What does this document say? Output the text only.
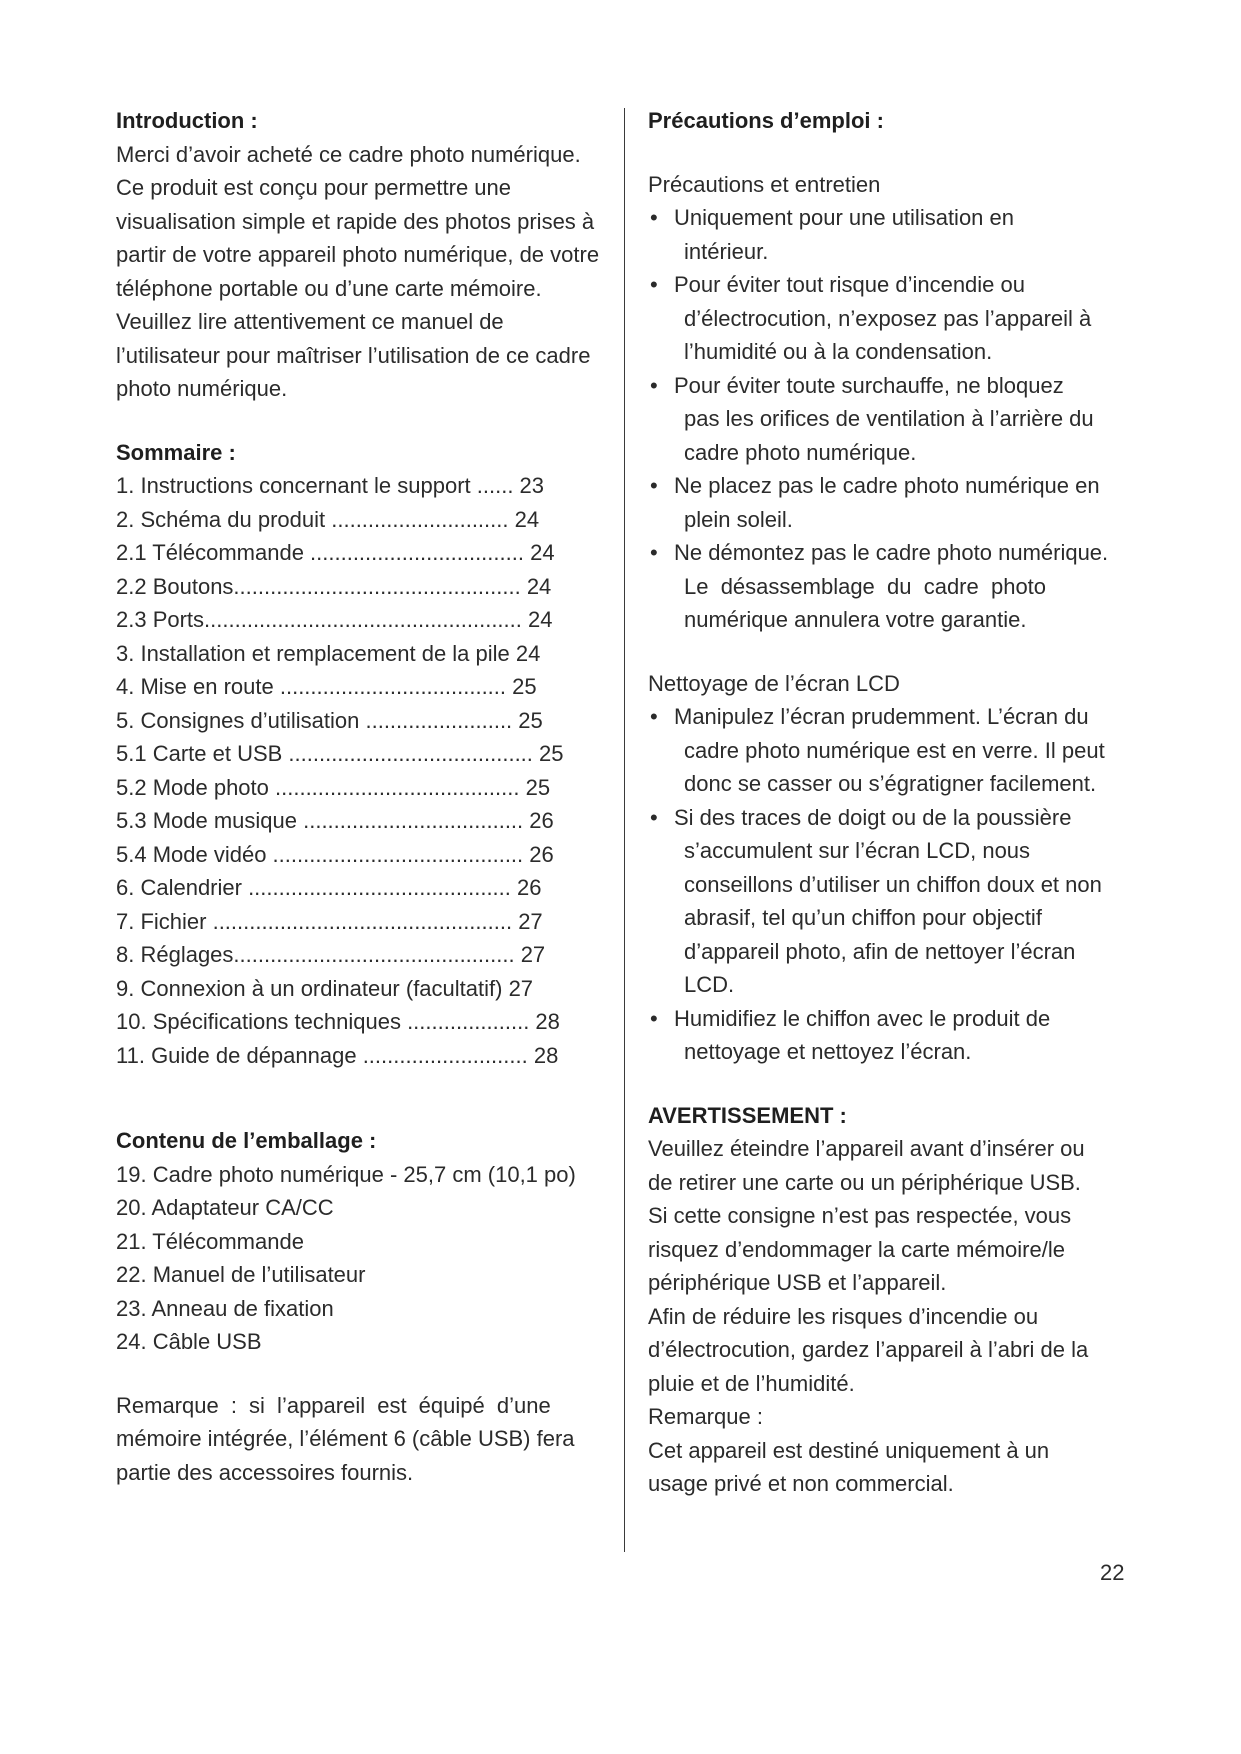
Introduction :

Merci d’avoir acheté ce cadre photo numérique.

Ce produit est conçu pour permettre une

visualisation simple et rapide des photos prises à

partir de votre appareil photo numérique, de votre

téléphone portable ou d’une carte mémoire.

Veuillez lire attentivement ce manuel de

l’utilisateur pour maîtriser l’utilisation de ce cadre

photo numérique.

Sommaire :

1. Instructions concernant le support ...... 23
2. Schéma du produit ............................. 24
2.1 Télécommande ................................... 24
2.2 Boutons............................................... 24
2.3 Ports.................................................... 24
3. Installation et remplacement de la pile 24
4. Mise en route ..................................... 25
5. Consignes d’utilisation ........................ 25
5.1 Carte et USB ........................................ 25
5.2 Mode photo ........................................ 25
5.3 Mode musique .................................... 26
5.4 Mode vidéo ......................................... 26
6. Calendrier ........................................... 26
7. Fichier ................................................. 27
8. Réglages.............................................. 27
9. Connexion à un ordinateur (facultatif) 27
10. Spécifications techniques .................... 28
11. Guide de dépannage ........................... 28

Contenu de l’emballage :

19. Cadre photo numérique - 25,7 cm (10,1 po)
20. Adaptateur CA/CC
21. Télécommande
22. Manuel de l’utilisateur
23. Anneau de fixation
24. Câble USB

Remarque : si l’appareil est équipé d’une

mémoire intégrée, l’élément 6 (câble USB) fera

partie des accessoires fournis.

Précautions d’emploi :

Précautions et entretien

• Uniquement pour une utilisation en
intérieur.
• Pour éviter tout risque d’incendie ou
d’électrocution, n’exposez pas l’appareil à
l’humidité ou à la condensation.
• Pour éviter toute surchauffe, ne bloquez
pas les orifices de ventilation à l’arrière du
cadre photo numérique.
• Ne placez pas le cadre photo numérique en
plein soleil.
• Ne démontez pas le cadre photo numérique.
Le  désassemblage  du  cadre  photo
numérique annulera votre garantie.

Nettoyage de l’écran LCD

• Manipulez l’écran prudemment. L’écran du
cadre photo numérique est en verre. Il peut
donc se casser ou s’égratigner facilement.
• Si des traces de doigt ou de la poussière
s’accumulent sur l’écran LCD, nous
conseillons d’utiliser un chiffon doux et non
abrasif, tel qu’un chiffon pour objectif
d’appareil photo, afin de nettoyer l’écran
LCD.
• Humidifiez le chiffon avec le produit de
nettoyage et nettoyez l’écran.

AVERTISSEMENT :

Veuillez éteindre l’appareil avant d’insérer ou

de retirer une carte ou un périphérique USB.

Si cette consigne n’est pas respectée, vous

risquez d’endommager la carte mémoire/le

périphérique USB et l’appareil.

Afin de réduire les risques d’incendie ou

d’électrocution, gardez l’appareil à l’abri de la

pluie et de l’humidité.

Remarque :

Cet appareil est destiné uniquement à un

usage privé et non commercial.

22
